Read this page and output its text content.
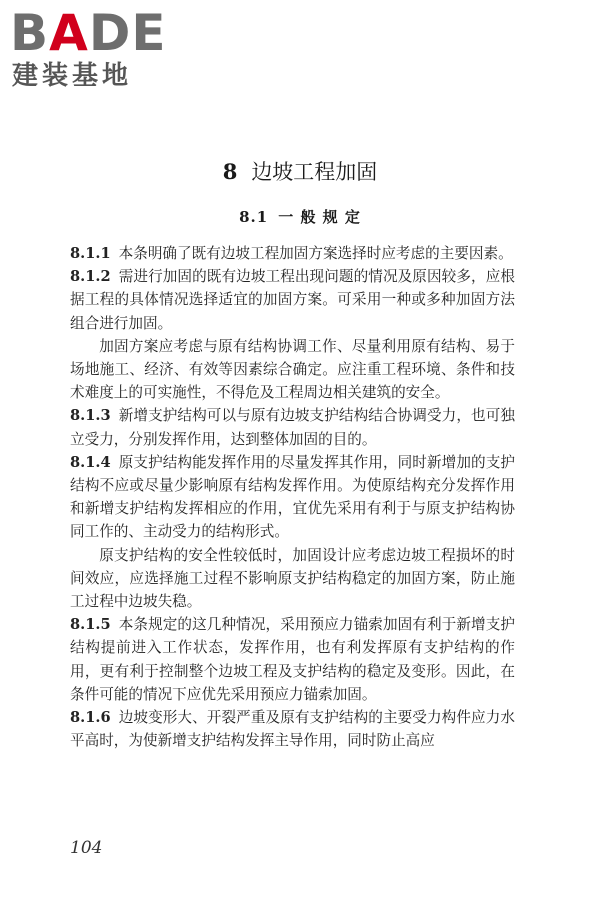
BADE
建装基地
8 边坡工程加固
8.1 一 般 规 定

8.1.1 本条明确了既有边坡工程加固方案选择时应考虑的主要因素。

8.1.2 需进行加固的既有边坡工程出现问题的情况及原因较多，应根据工程的具体情况选择适宜的加固方案。可采用一种或多种加固方法组合进行加固。

加固方案应考虑与原有结构协调工作、尽量利用原有结构、易于场地施工、经济、有效等因素综合确定。应注重工程环境、条件和技术难度上的可实施性，不得危及工程周边相关建筑的安全。

8.1.3 新增支护结构可以与原有边坡支护结构结合协调受力，也可独立受力，分别发挥作用，达到整体加固的目的。

8.1.4 原支护结构能发挥作用的尽量发挥其作用，同时新增加的支护结构不应或尽量少影响原有结构发挥作用。为使原结构充分发挥作用和新增支护结构发挥相应的作用，宜优先采用有利于与原支护结构协同工作的、主动受力的结构形式。

原支护结构的安全性较低时，加固设计应考虑边坡工程损坏的时间效应，应选择施工过程不影响原支护结构稳定的加固方案，防止施工过程中边坡失稳。

8.1.5 本条规定的这几种情况，采用预应力锚索加固有利于新增支护结构提前进入工作状态，发挥作用，也有利发挥原有支护结构的作用，更有利于控制整个边坡工程及支护结构的稳定及变形。因此，在条件可能的情况下应优先采用预应力锚索加固。

8.1.6 边坡变形大、开裂严重及原有支护结构的主要受力构件应力水平高时，为使新增支护结构发挥主导作用，同时防止高应

104
